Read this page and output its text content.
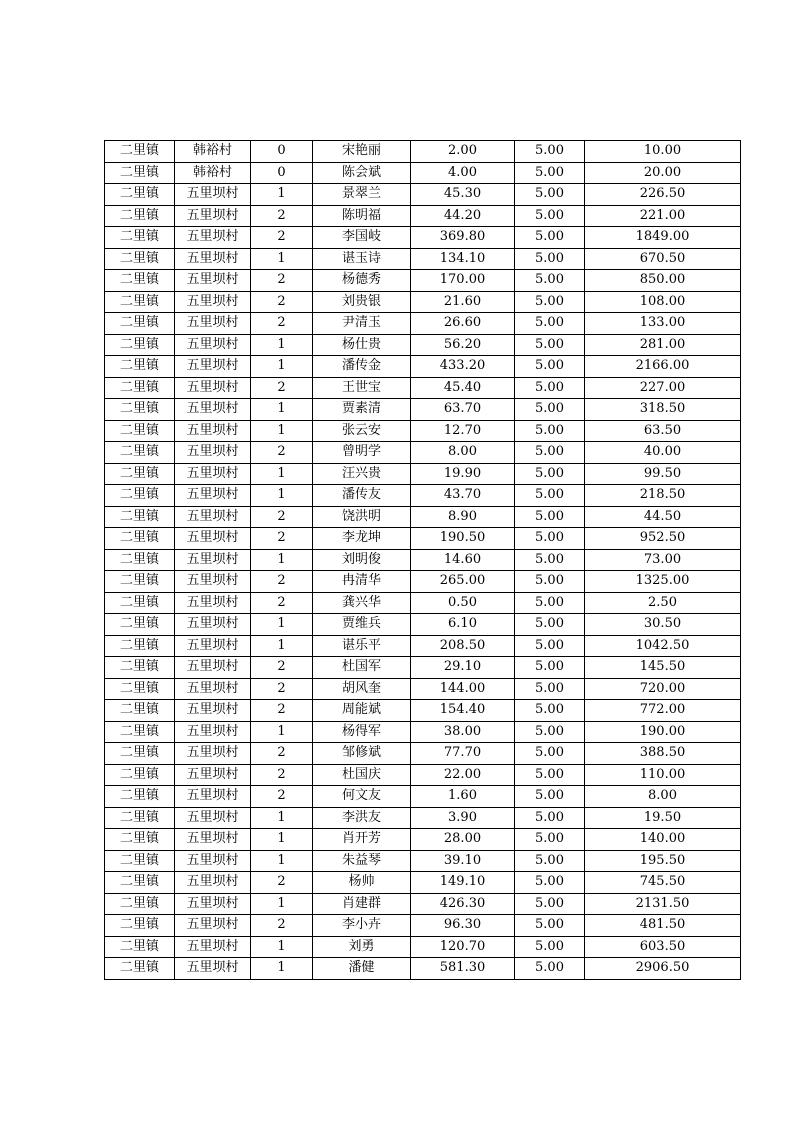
二里镇	韩裕村	0	宋艳丽	2.00	5.00	10.00
二里镇	韩裕村	0	陈会斌	4.00	5.00	20.00
二里镇	五里坝村	1	景翠兰	45.30	5.00	226.50
二里镇	五里坝村	2	陈明福	44.20	5.00	221.00
二里镇	五里坝村	2	李国岐	369.80	5.00	1849.00
二里镇	五里坝村	1	谌玉诗	134.10	5.00	670.50
二里镇	五里坝村	2	杨德秀	170.00	5.00	850.00
二里镇	五里坝村	2	刘贵银	21.60	5.00	108.00
二里镇	五里坝村	2	尹清玉	26.60	5.00	133.00
二里镇	五里坝村	1	杨仕贵	56.20	5.00	281.00
二里镇	五里坝村	1	潘传金	433.20	5.00	2166.00
二里镇	五里坝村	2	王世宝	45.40	5.00	227.00
二里镇	五里坝村	1	贾素清	63.70	5.00	318.50
二里镇	五里坝村	1	张云安	12.70	5.00	63.50
二里镇	五里坝村	2	曾明学	8.00	5.00	40.00
二里镇	五里坝村	1	汪兴贵	19.90	5.00	99.50
二里镇	五里坝村	1	潘传友	43.70	5.00	218.50
二里镇	五里坝村	2	饶洪明	8.90	5.00	44.50
二里镇	五里坝村	2	李龙坤	190.50	5.00	952.50
二里镇	五里坝村	1	刘明俊	14.60	5.00	73.00
二里镇	五里坝村	2	冉清华	265.00	5.00	1325.00
二里镇	五里坝村	2	龚兴华	0.50	5.00	2.50
二里镇	五里坝村	1	贾维兵	6.10	5.00	30.50
二里镇	五里坝村	1	谌乐平	208.50	5.00	1042.50
二里镇	五里坝村	2	杜国军	29.10	5.00	145.50
二里镇	五里坝村	2	胡风奎	144.00	5.00	720.00
二里镇	五里坝村	2	周能斌	154.40	5.00	772.00
二里镇	五里坝村	1	杨得军	38.00	5.00	190.00
二里镇	五里坝村	2	邹修斌	77.70	5.00	388.50
二里镇	五里坝村	2	杜国庆	22.00	5.00	110.00
二里镇	五里坝村	2	何文友	1.60	5.00	8.00
二里镇	五里坝村	1	李洪友	3.90	5.00	19.50
二里镇	五里坝村	1	肖开芳	28.00	5.00	140.00
二里镇	五里坝村	1	朱益琴	39.10	5.00	195.50
二里镇	五里坝村	2	杨帅	149.10	5.00	745.50
二里镇	五里坝村	1	肖建群	426.30	5.00	2131.50
二里镇	五里坝村	2	李小卉	96.30	5.00	481.50
二里镇	五里坝村	1	刘勇	120.70	5.00	603.50
二里镇	五里坝村	1	潘健	581.30	5.00	2906.50
